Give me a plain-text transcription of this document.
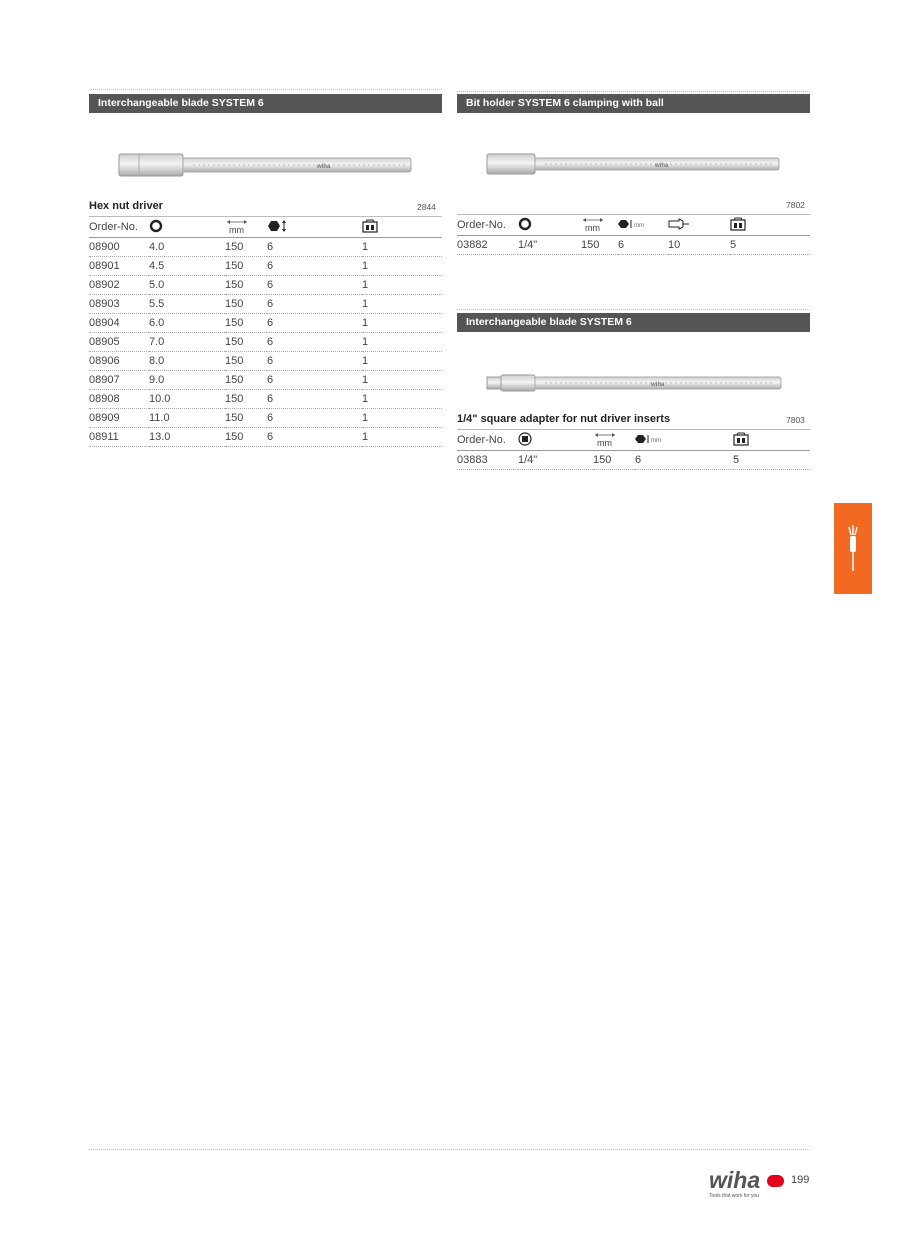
Interchangeable blade SYSTEM 6
wiha
Hex nut driver	2844
Order-No.		mm

08900	4.0	150	6	1
08901	4.5	150	6	1
08902	5.0	150	6	1
08903	5.5	150	6	1
08904	6.0	150	6	1
08905	7.0	150	6	1
08906	8.0	150	6	1
08907	9.0	150	6	1
08908	10.0	150	6	1
08909	11.0	150	6	1
08911	13.0	150	6	1
Bit holder SYSTEM 6 clamping with ball
wiha
7802
Order-No.		mm	mm

03882	1/4"	150	6	10	5
Interchangeable blade SYSTEM 6
wiha
1/4" square adapter for nut driver inserts	7803
Order-No.		mm	mm

03883	1/4"	150	6	5
wiha
Tools that work for you
199
